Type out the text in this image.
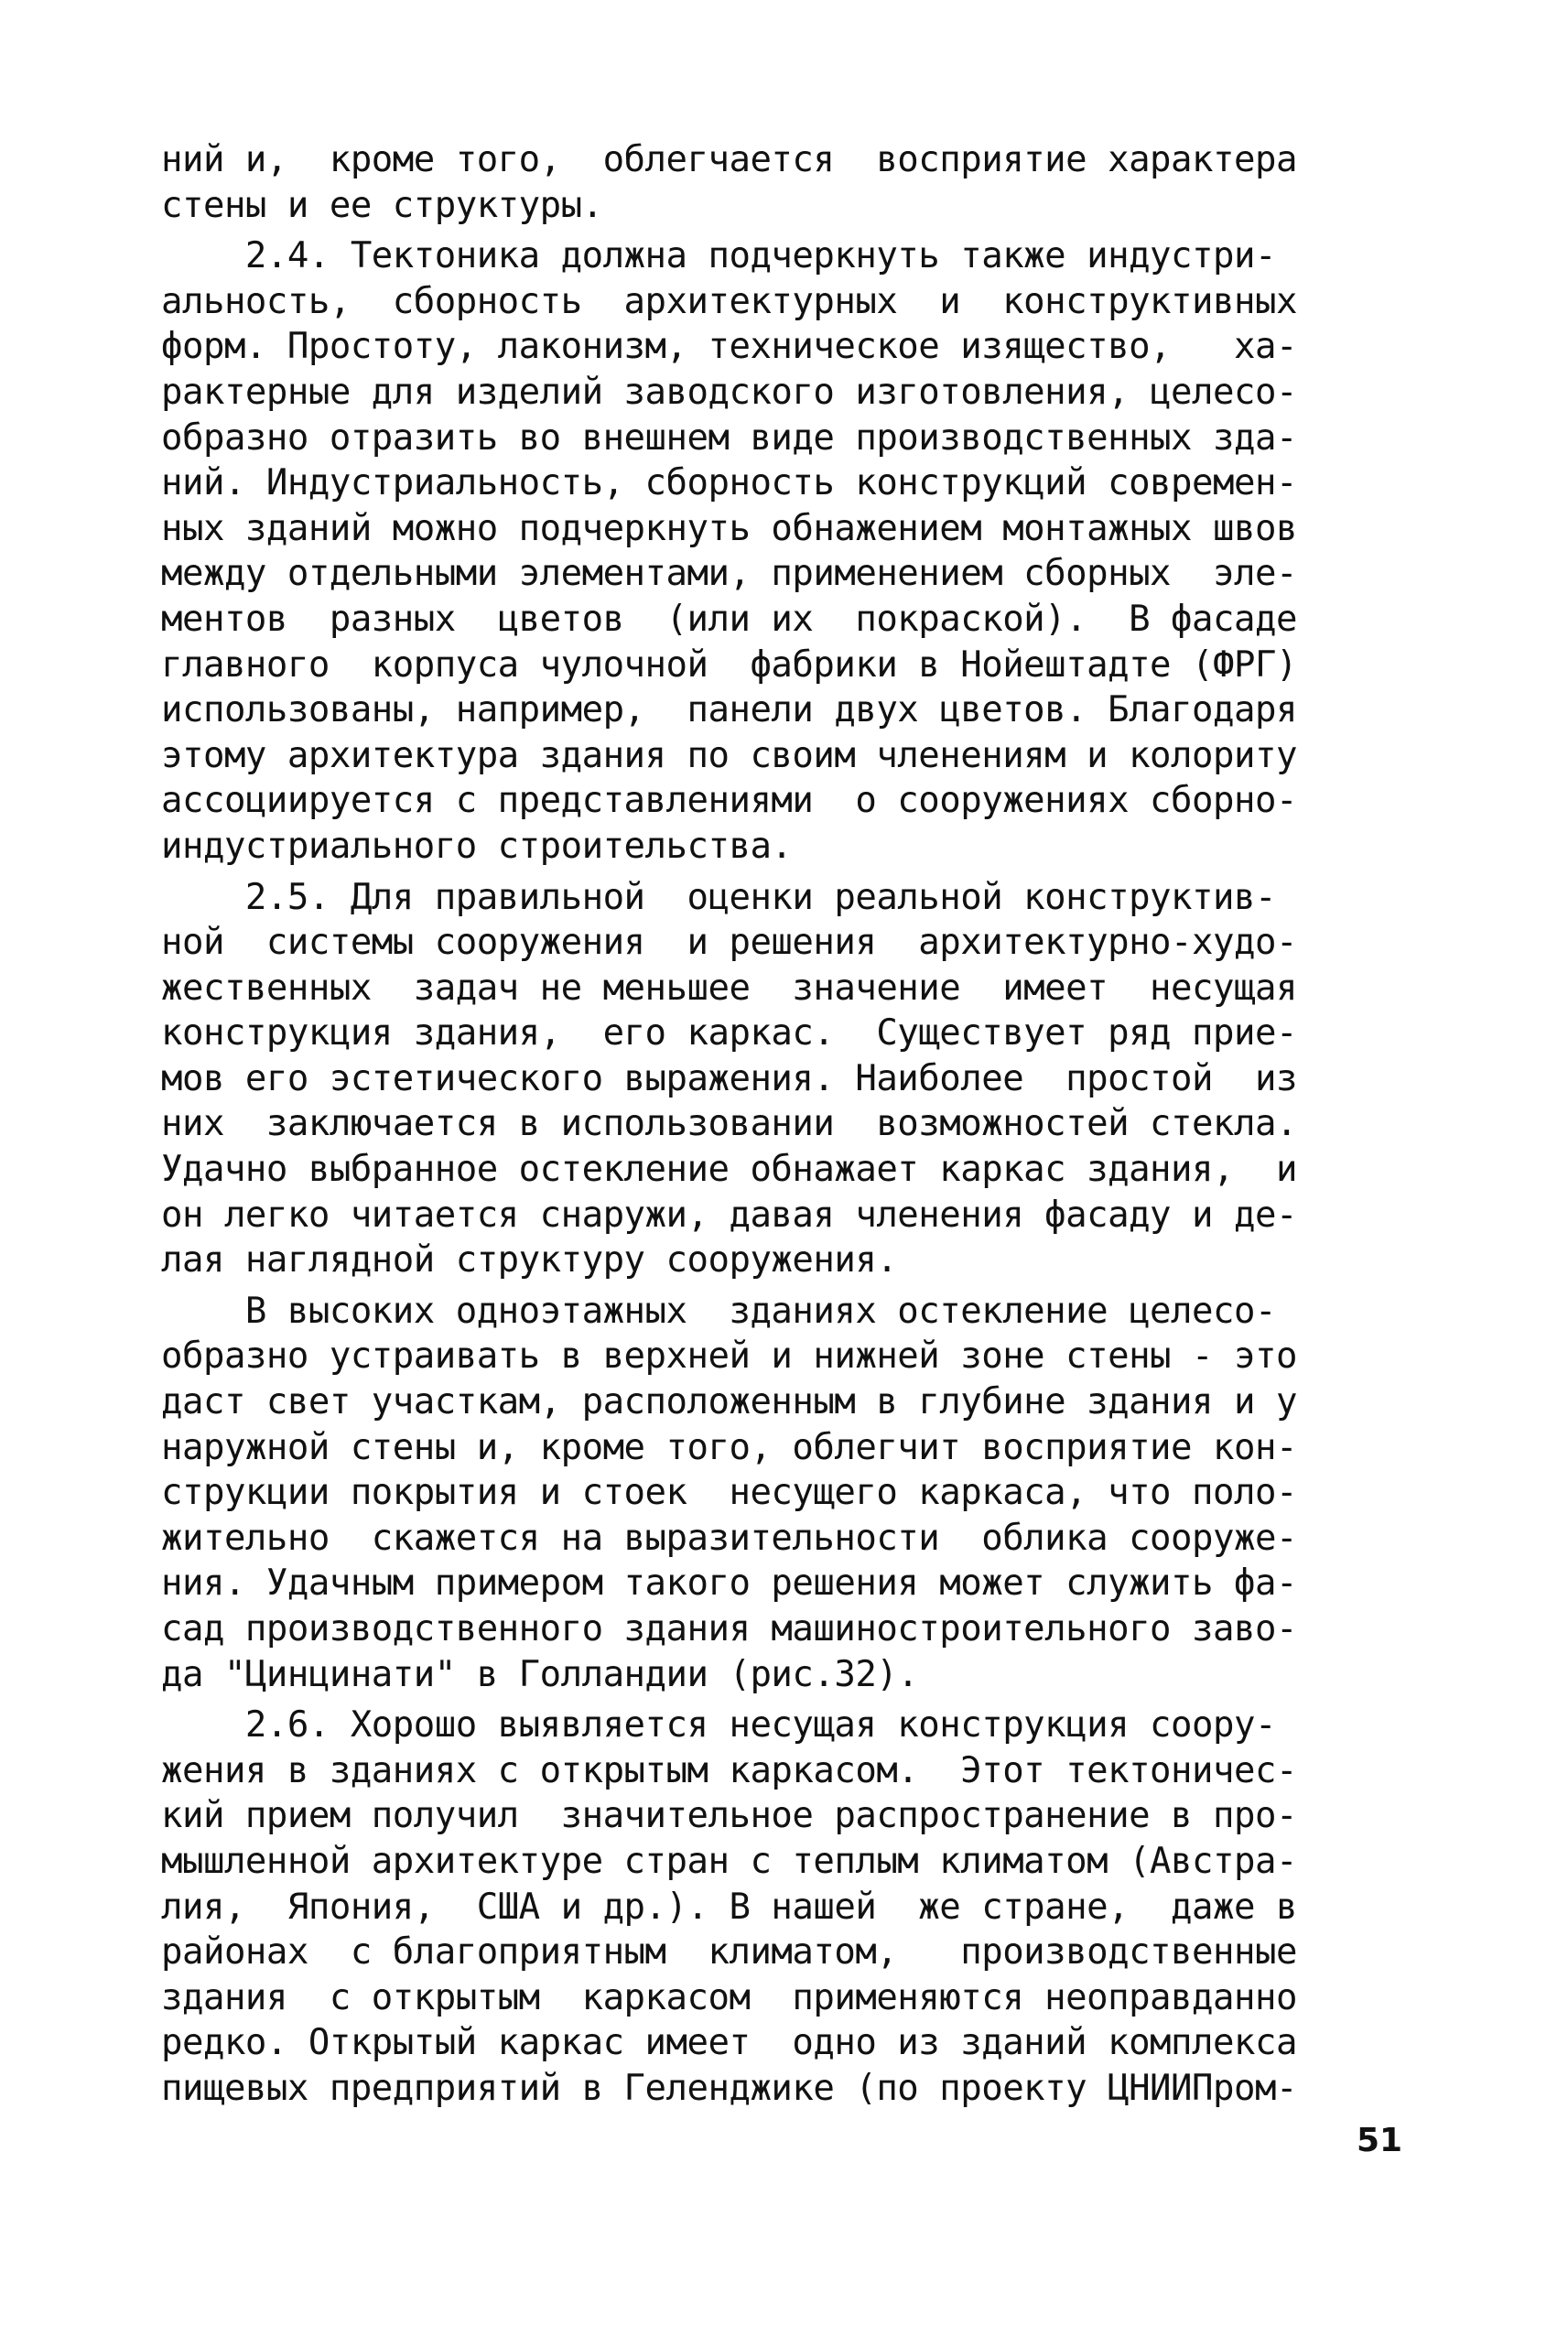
ний и,  кроме того,  облегчается  восприятие характера
стены и ее структуры.
2.4. Тектоника должна подчеркнуть также индустри-
альность,  сборность  архитектурных  и  конструктивных
форм. Простоту, лаконизм, техническое изящество,   ха-
рактерные для изделий заводского изготовления, целесо-
образно отразить во внешнем виде производственных зда-
ний. Индустриальность, сборность конструкций современ-
ных зданий можно подчеркнуть обнажением монтажных швов
между отдельными элементами, применением сборных  эле-
ментов  разных  цветов  (или их  покраской).  В фасаде
главного  корпуса чулочной  фабрики в Нойештадте (ФРГ)
использованы, например,  панели двух цветов. Благодаря
этому архитектура здания по своим членениям и колориту
ассоциируется с представлениями  о сооружениях сборно-
индустриального строительства.
2.5. Для правильной  оценки реальной конструктив-
ной  системы сооружения  и решения  архитектурно-худо-
жественных  задач не меньшее  значение  имеет  несущая
конструкция здания,  его каркас.  Существует ряд прие-
мов его эстетического выражения. Наиболее  простой  из
них  заключается в использовании  возможностей стекла.
Удачно выбранное остекление обнажает каркас здания,  и
он легко читается снаружи, давая членения фасаду и де-
лая наглядной структуру сооружения.
В высоких одноэтажных  зданиях остекление целесо-
образно устраивать в верхней и нижней зоне стены - это
даст свет участкам, расположенным в глубине здания и у
наружной стены и, кроме того, облегчит восприятие кон-
струкции покрытия и стоек  несущего каркаса, что поло-
жительно  скажется на выразительности  облика сооруже-
ния. Удачным примером такого решения может служить фа-
сад производственного здания машиностроительного заво-
да "Цинцинати" в Голландии (рис.32).
2.6. Хорошо выявляется несущая конструкция соору-
жения в зданиях с открытым каркасом.  Этот тектоничес-
кий прием получил  значительное распространение в про-
мышленной архитектуре стран с теплым климатом (Австра-
лия,  Япония,  США и др.). В нашей  же стране,  даже в
районах  с благоприятным  климатом,   производственные
здания  с открытым  каркасом  применяются неоправданно
редко. Открытый каркас имеет  одно из зданий комплекса
пищевых предприятий в Геленджике (по проекту ЦНИИПром-
51
